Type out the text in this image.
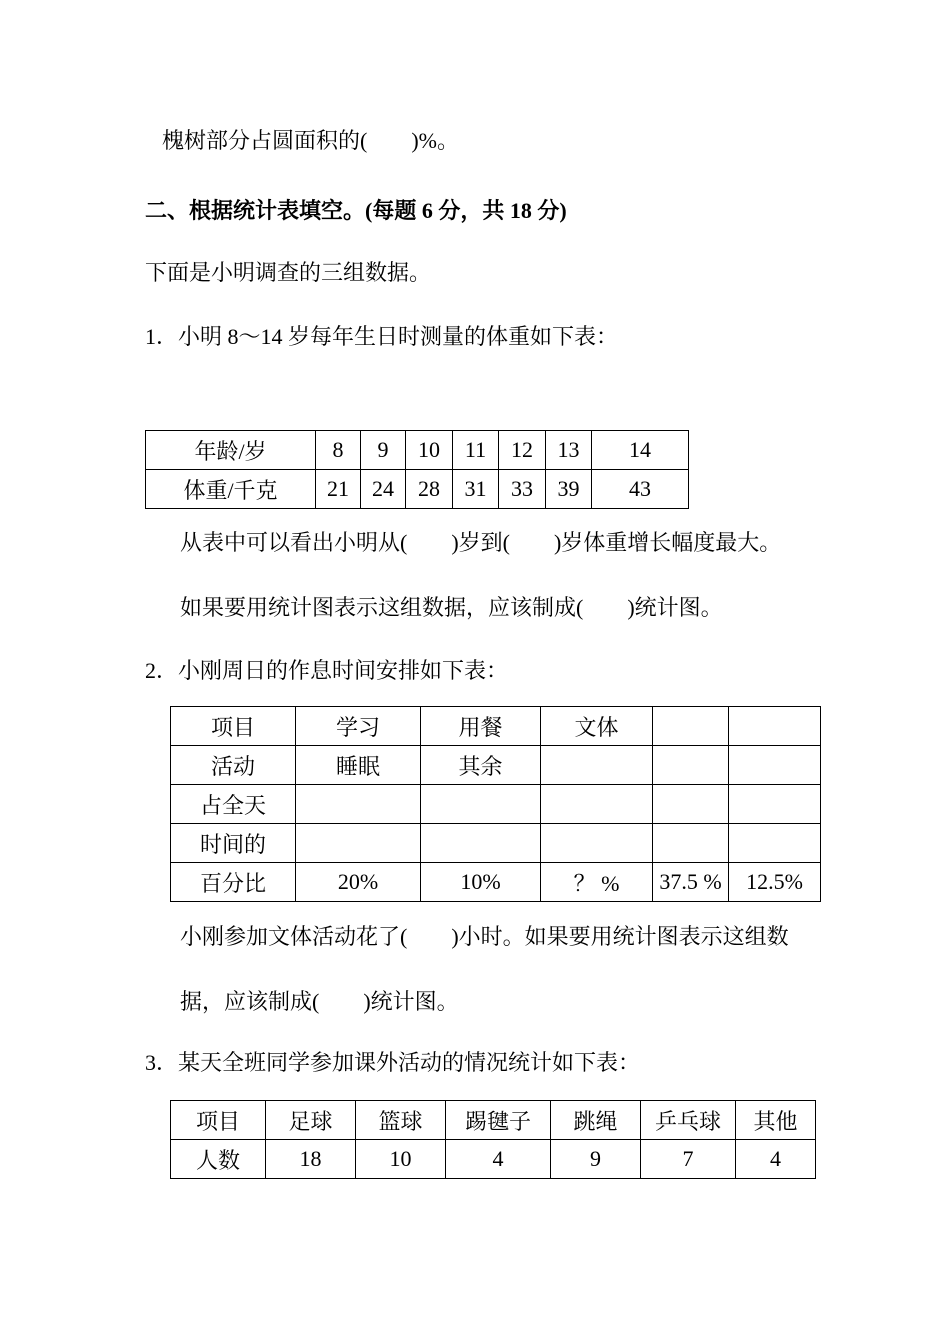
槐树部分占圆面积的(　　)%。

二、根据统计表填空。(每题 6 分，共 18 分)

下面是小明调查的三组数据。

1．小明 8～14 岁每年生日时测量的体重如下表：

年龄/岁	8	9	10	11	12	13	14
体重/千克	21	24	28	31	33	39	43

从表中可以看出小明从(　　)岁到(　　)岁体重增长幅度最大。

如果要用统计图表示这组数据，应该制成(　　)统计图。

2．小刚周日的作息时间安排如下表：

项目	学习	用餐	文体		
活动	睡眠	其余			
占全天					
时间的					
百分比	20%	10%	？ %	37.5 %	12.5%

小刚参加文体活动花了(　　)小时。如果要用统计图表示这组数

据，应该制成(　　)统计图。

3．某天全班同学参加课外活动的情况统计如下表：

项目	足球	篮球	踢毽子	跳绳	乒乓球	其他
人数	18	10	4	9	7	4
